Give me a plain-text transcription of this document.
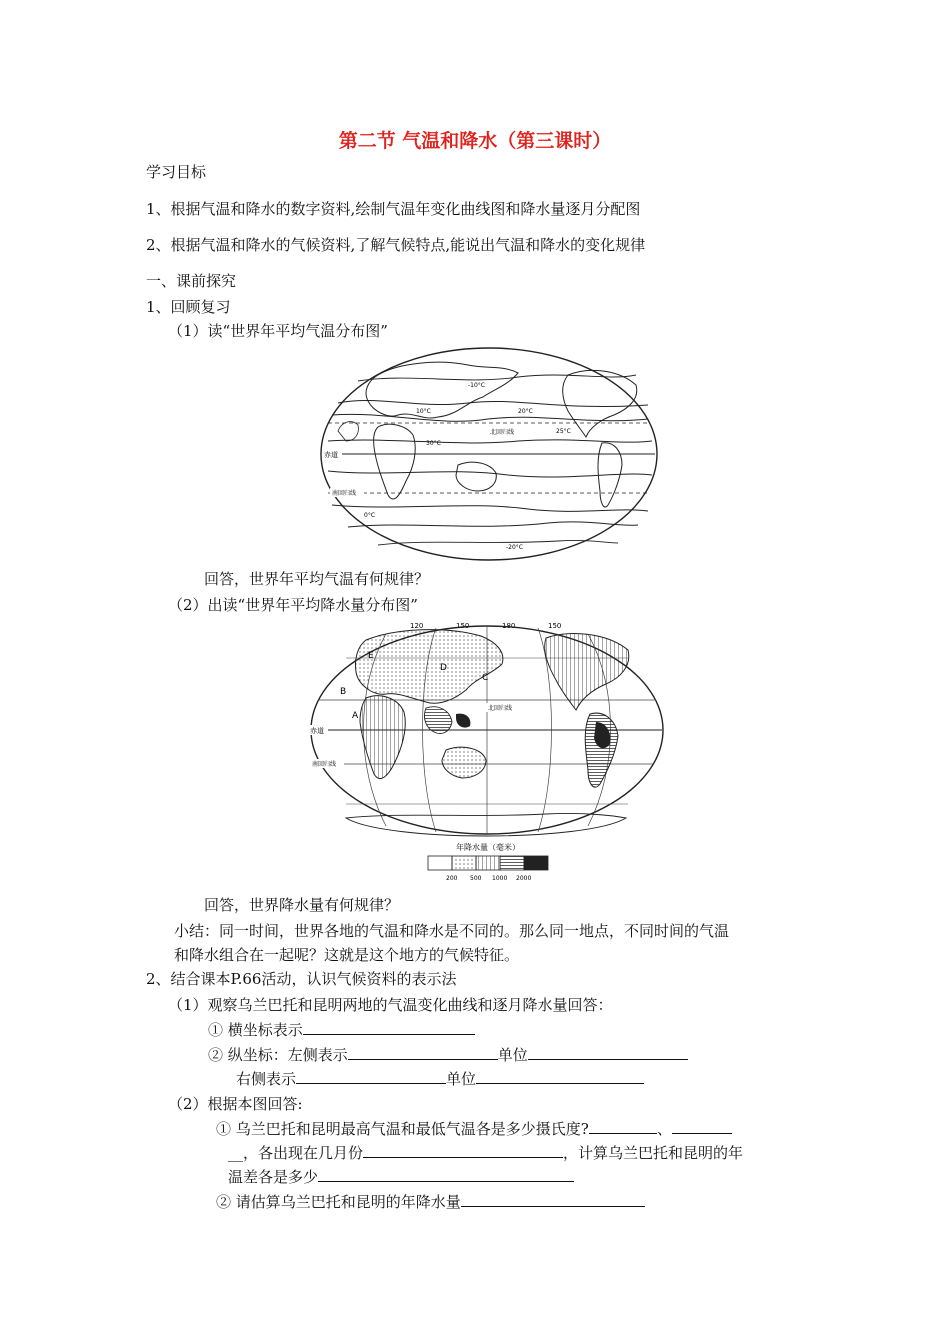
第二节 气温和降水（第三课时）
学习目标
1、根据气温和降水的数字资料,绘制气温年变化曲线图和降水量逐月分配图
2、根据气温和降水的气候资料,了解气候特点,能说出气温和降水的变化规律
一、课前探究
1、回顾复习
（1）读“世界年平均气温分布图”
赤道
北回归线
南回归线
10°C	20°C
25°C
30°C
0°C
-10°C
-20°C
回答，世界年平均气温有何规律？
（2）出读“世界年平均降水量分布图”
120	150	180	150
E
B
A
C
D
赤道
北回归线
南回归线
年降水量（毫米）
200 500 1000 2000
回答，世界降水量有何规律？
小结：同一时间，世界各地的气温和降水是不同的。那么同一地点，不同时间的气温
和降水组合在一起呢？这就是这个地方的气候特征。
2、结合课本P.66活动，认识气候资料的表示法
（1）观察乌兰巴托和昆明两地的气温变化曲线和逐月降水量回答：
① 横坐标表示
② 纵坐标：左侧表示	单位
右侧表示	单位
（2）根据本图回答:
① 乌兰巴托和昆明最高气温和最低气温各是多少摄氏度?	、
__，各出现在几月份	，计算乌兰巴托和昆明的年
温差各是多少
② 请估算乌兰巴托和昆明的年降水量
